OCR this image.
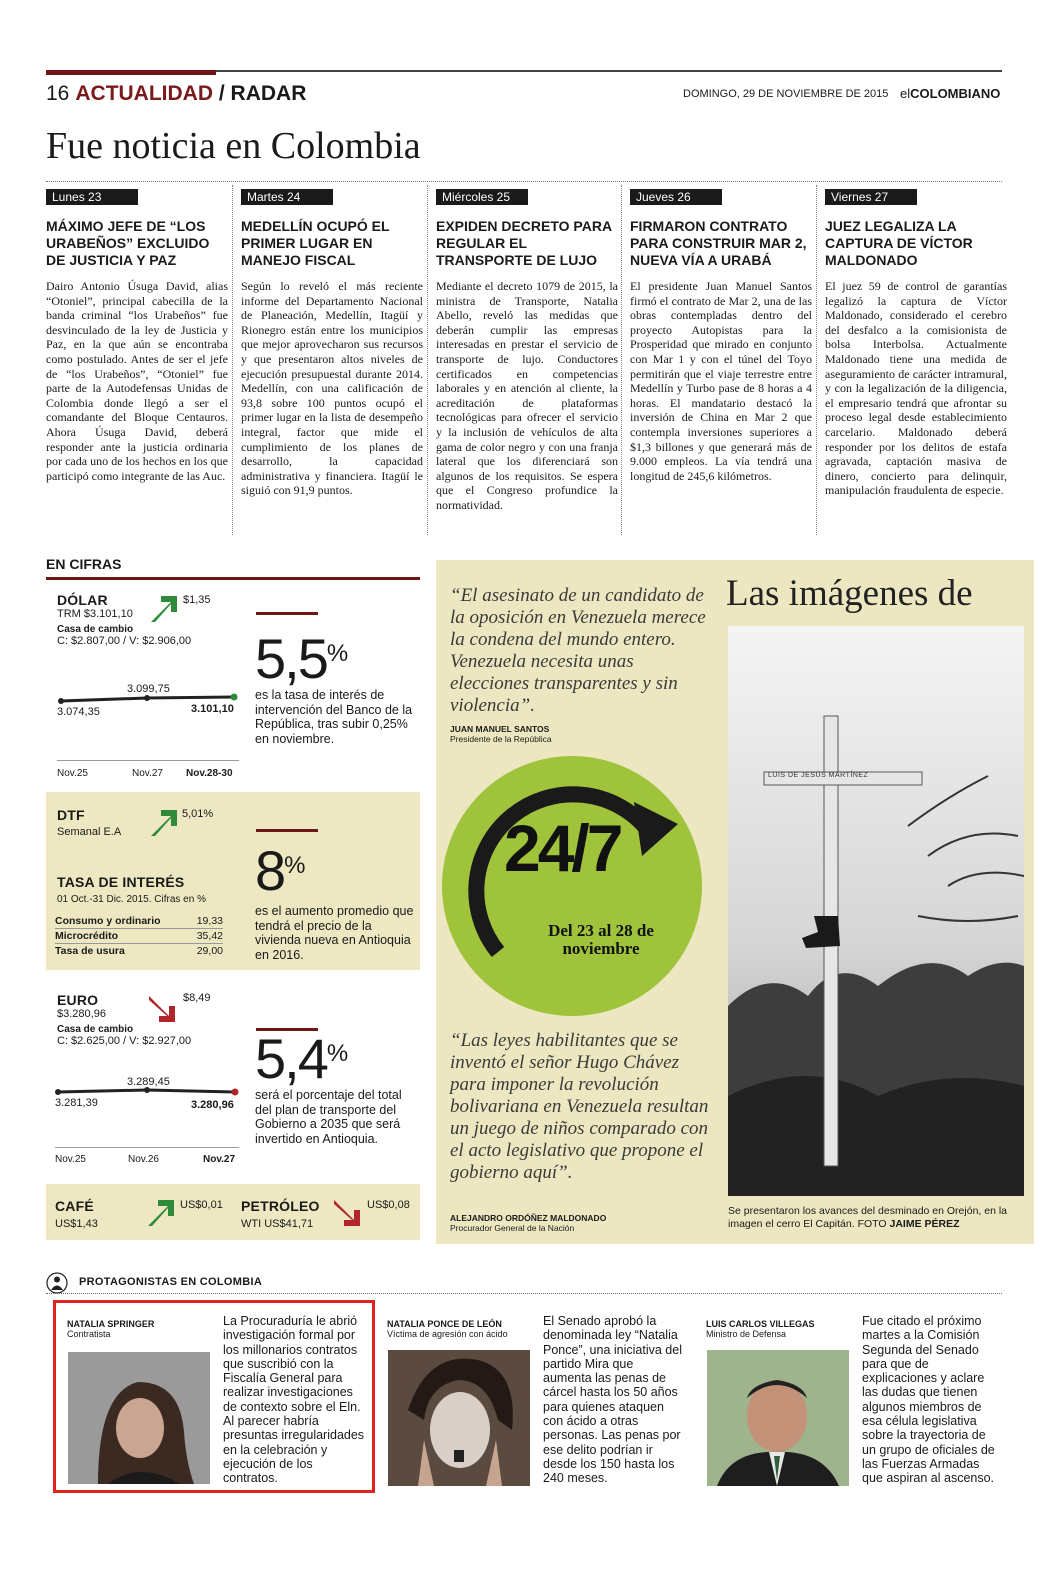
16 ACTUALIDAD / RADAR	DOMINGO, 29 DE NOVIEMBRE DE 2015 elCOLOMBIANO
Fue noticia en Colombia
Lunes 23
MÁXIMO JEFE DE “LOS URABEÑOS” EXCLUIDO DE JUSTICIA Y PAZ
Dairo Antonio Úsuga David, alias “Otoniel”, principal cabecilla de la banda criminal “los Urabeños” fue desvinculado de la ley de Justicia y Paz, en la que aún se encontraba como postulado. Antes de ser el jefe de “los Urabeños”, “Otoniel” fue parte de la Autodefensas Unidas de Colombia donde llegó a ser el comandante del Bloque Centauros. Ahora Úsuga David, deberá responder ante la justicia ordinaria por cada uno de los hechos en los que participó como integrante de las Auc.
Martes 24
MEDELLÍN OCUPÓ EL PRIMER LUGAR EN MANEJO FISCAL
Según lo reveló el más reciente informe del Departamento Nacional de Planeación, Medellín, Itagüí y Rionegro están entre los municipios que mejor aprovecharon sus recursos y que presentaron altos niveles de ejecución presupuestal durante 2014. Medellín, con una calificación de 93,8 sobre 100 puntos ocupó el primer lugar en la lista de desempeño integral, factor que mide el cumplimiento de los planes de desarrollo, la capacidad administrativa y financiera. Itagüí le siguió con 91,9 puntos.
Miércoles 25
EXPIDEN DECRETO PARA REGULAR EL TRANSPORTE DE LUJO
Mediante el decreto 1079 de 2015, la ministra de Transporte, Natalia Abello, reveló las medidas que deberán cumplir las empresas interesadas en prestar el servicio de transporte de lujo. Conductores certificados en competencias laborales y en atención al cliente, la acreditación de plataformas tecnológicas para ofrecer el servicio y la inclusión de vehículos de alta gama de color negro y con una franja lateral que los diferenciará son algunos de los requisitos. Se espera que el Congreso profundice la normatividad.
Jueves 26
FIRMARON CONTRATO PARA CONSTRUIR MAR 2, NUEVA VÍA A URABÁ
El presidente Juan Manuel Santos firmó el contrato de Mar 2, una de las obras contempladas dentro del proyecto Autopistas para la Prosperidad que mirado en conjunto con Mar 1 y con el túnel del Toyo permitirán que el viaje terrestre entre Medellín y Turbo pase de 8 horas a 4 horas. El mandatario destacó la inversión de China en Mar 2 que contempla inversiones superiores a $1,3 billones y que generará más de 9.000 empleos. La vía tendrá una longitud de 245,6 kilómetros.
Viernes 27
JUEZ LEGALIZA LA CAPTURA DE VÍCTOR MALDONADO
El juez 59 de control de garantías legalizó la captura de Víctor Maldonado, considerado el cerebro del desfalco a la comisionista de bolsa Interbolsa. Actualmente Maldonado tiene una medida de aseguramiento de carácter intramural, y con la legalización de la diligencia, el empresario tendrá que afrontar su proceso legal desde establecimiento carcelario. Maldonado deberá responder por los delitos de estafa agravada, captación masiva de dinero, concierto para delinquir, manipulación fraudulenta de especie.
EN CIFRAS
DÓLAR
TRM $3.101,10
Casa de cambio
C: $2.807,00 / V: $2.906,00
$1,35
3.074,35
3.099,75
3.101,10
Nov.25	Nov.27 Nov.28-30
5,5%
es la tasa de interés de intervención del Banco de la República, tras subir 0,25% en noviembre.
DTF
Semanal E.A
5,01%
TASA DE INTERÉS
01 Oct.-31 Dic. 2015. Cifras en %
Consumo y ordinario	19,33
Microcrédito	35,42
Tasa de usura	29,00
8%
es el aumento promedio que tendrá el precio de la vivienda nueva en Antioquia en 2016.
EURO
$3.280,96
Casa de cambio
C: $2.625,00 / V: $2.927,00
$8,49
3.281,39
3.289,45
3.280,96
Nov.25	Nov.26	Nov.27
5,4%
será el porcentaje del total del plan de transporte del Gobierno a 2035 que será invertido en Antioquia.
CAFÉ
US$1,43
US$0,01 PETRÓLEO
WTI US$41,71
US$0,08
“El asesinato de un candidato de la oposición en Venezuela merece la condena del mundo entero. Venezuela necesita unas elecciones transparentes y sin violencia”.
JUAN MANUEL SANTOS
Presidente de la República
24/7
Del 23 al 28 de noviembre
“Las leyes habilitantes que se inventó el señor Hugo Chávez para imponer la revolución bolivariana en Venezuela resultan un juego de niños comparado con el acto legislativo que propone el gobierno aquí”.
ALEJANDRO ORDÓÑEZ MALDONADO
Procurador General de la Nación
Las imágenes de
LUIS DE JESÚS MARTÍNEZ
Se presentaron los avances del desminado en Orejón, en la imagen el cerro El Capitán. FOTO JAIME PÉREZ
PROTAGONISTAS EN COLOMBIA
NATALIA SPRINGER
Contratista
La Procuraduría le abrió investigación formal por los millonarios contratos que suscribió con la Fiscalía General para realizar investigaciones de contexto sobre el Eln. Al parecer habría presuntas irregularidades en la celebración y ejecución de los contratos.
NATALIA PONCE DE LEÓN
Víctima de agresión con ácido
El Senado aprobó la denominada ley “Natalia Ponce”, una iniciativa del partido Mira que aumenta las penas de cárcel hasta los 50 años para quienes ataquen con ácido a otras personas. Las penas por ese delito podrían ir desde los 150 hasta los 240 meses.
LUIS CARLOS VILLEGAS
Ministro de Defensa
Fue citado el próximo martes a la Comisión Segunda del Senado para que de explicaciones y aclare las dudas que tienen algunos miembros de esa célula legislativa sobre la trayectoria de un grupo de oficiales de las Fuerzas Armadas que aspiran al ascenso.
